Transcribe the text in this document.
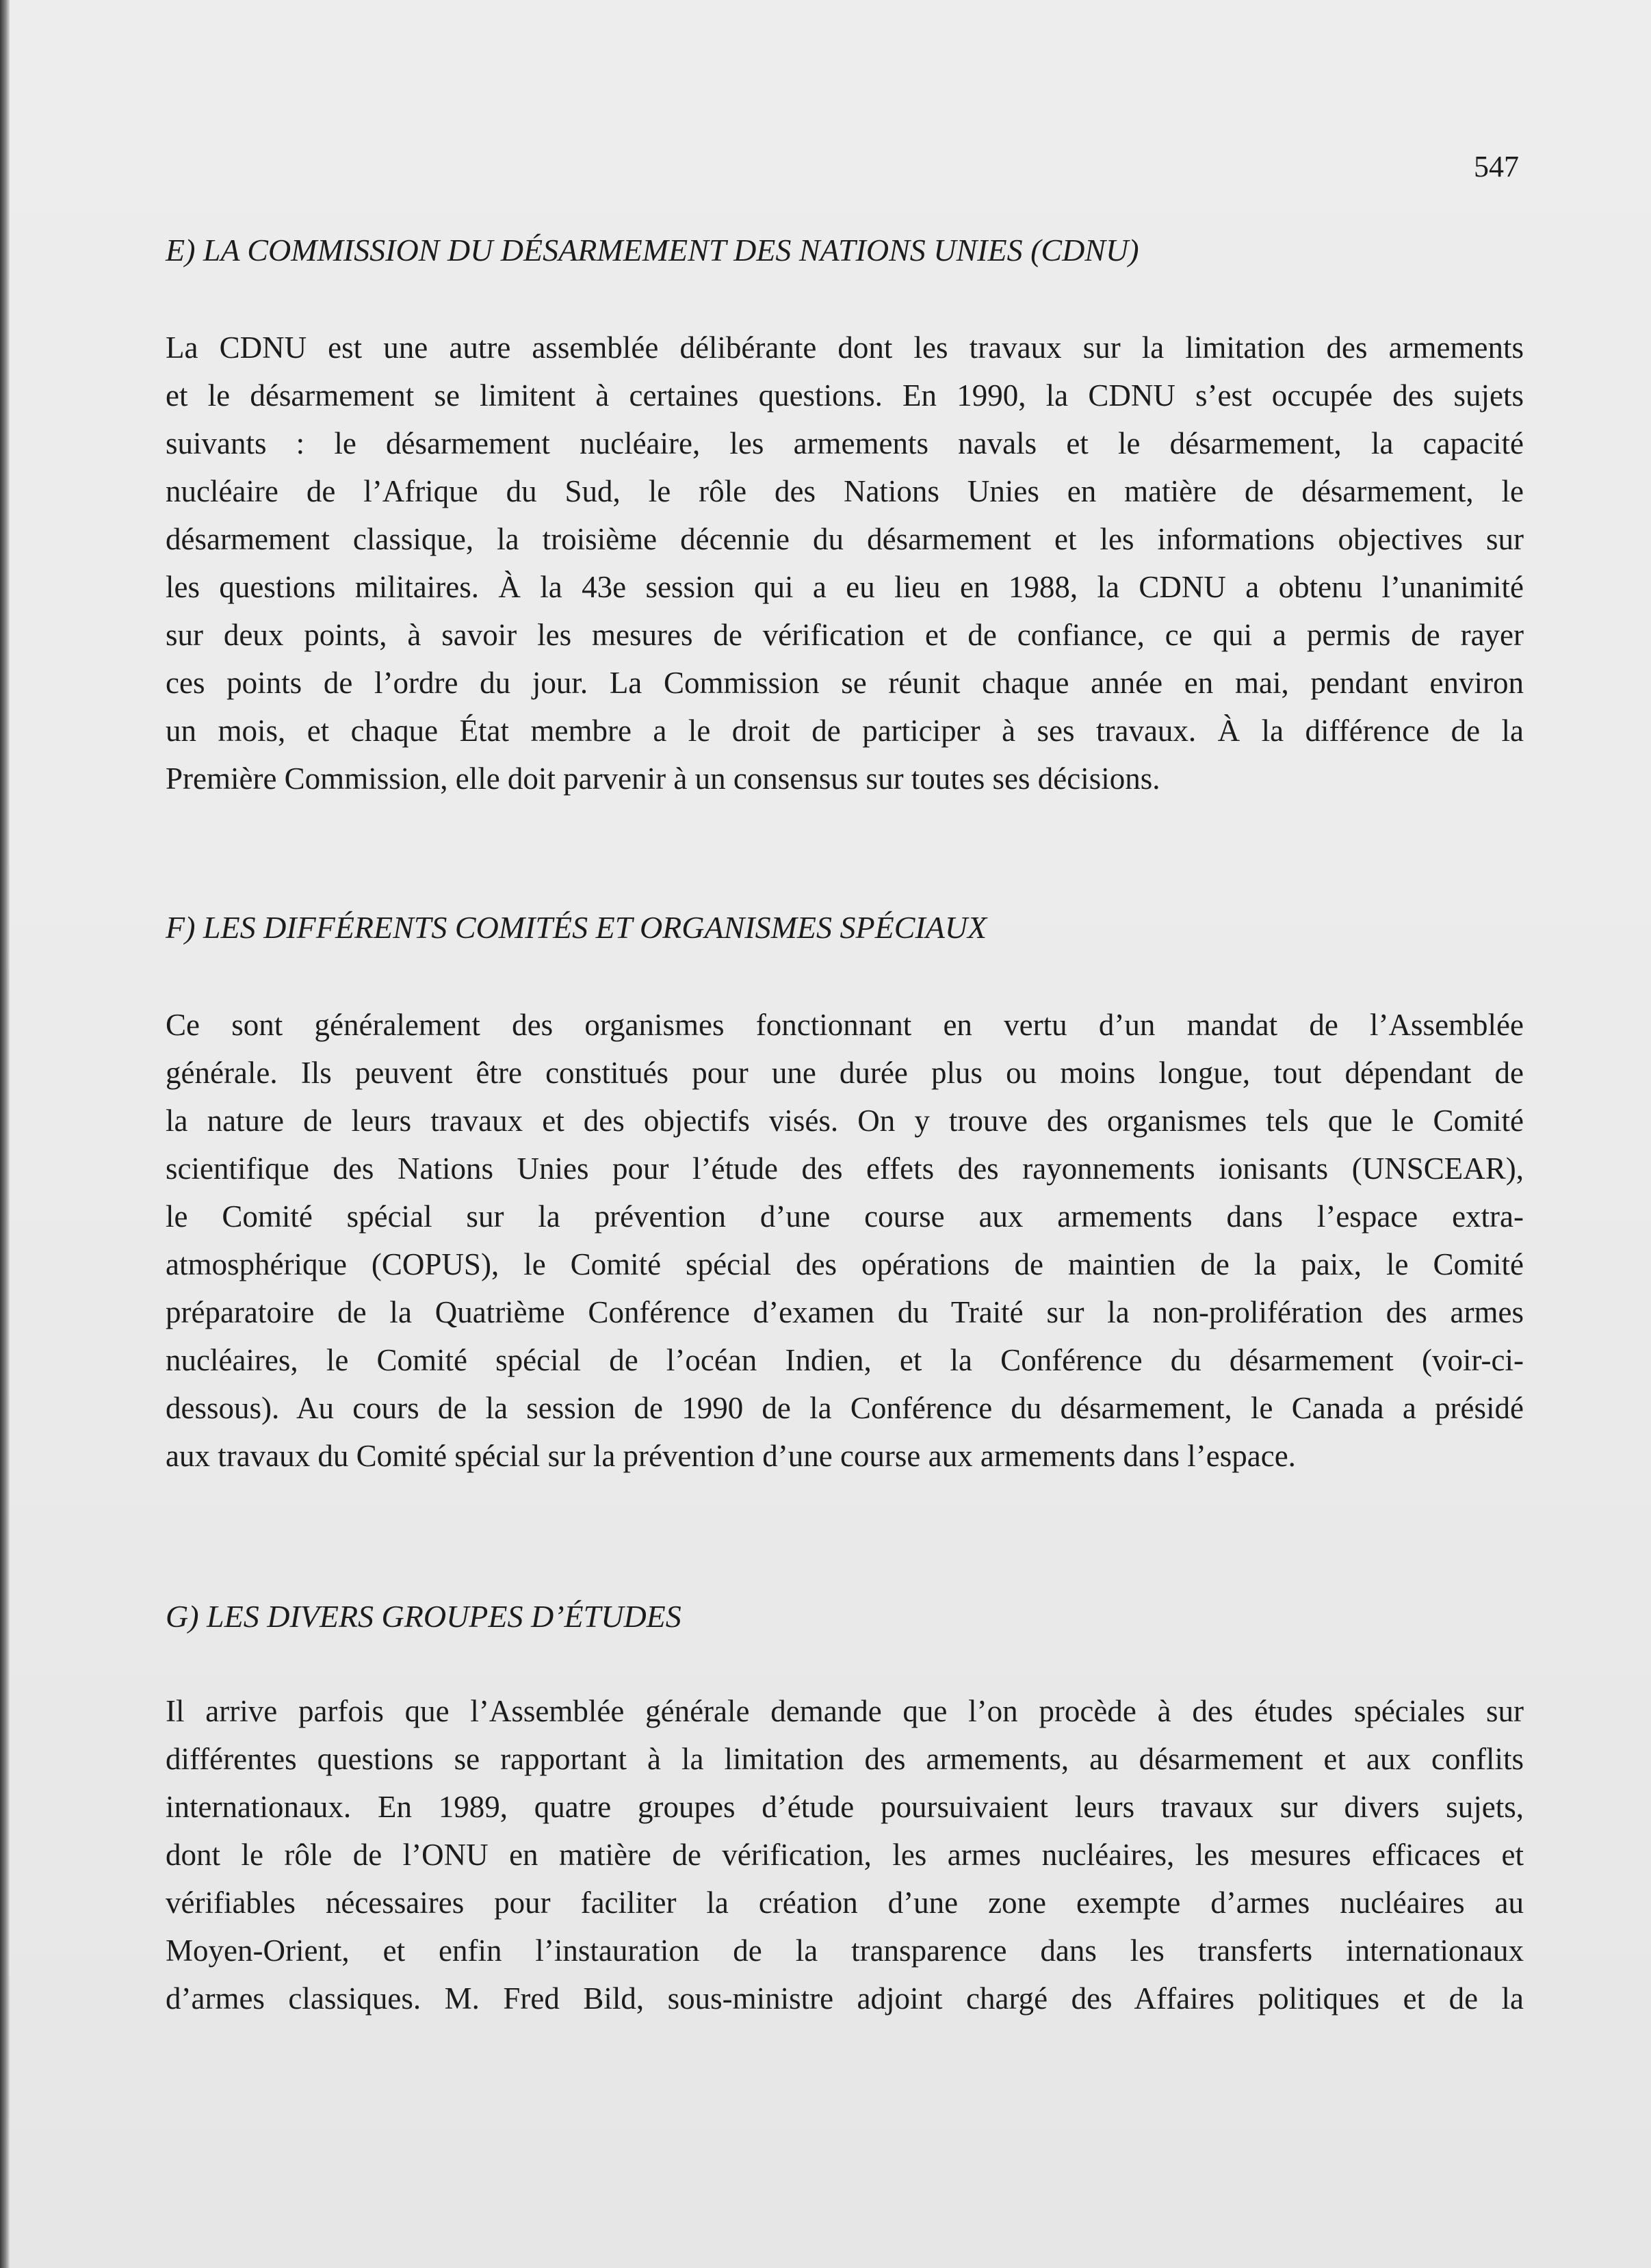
547
E) LA COMMISSION DU DÉSARMEMENT DES NATIONS UNIES (CDNU)
La CDNU est une autre assemblée délibérante dont les travaux sur la limitation des armements
et le désarmement se limitent à certaines questions. En 1990, la CDNU s’est occupée des sujets
suivants : le désarmement nucléaire, les armements navals et le désarmement, la capacité
nucléaire de l’Afrique du Sud, le rôle des Nations Unies en matière de désarmement, le
désarmement classique, la troisième décennie du désarmement et les informations objectives sur
les questions militaires. À la 43e session qui a eu lieu en 1988, la CDNU a obtenu l’unanimité
sur deux points, à savoir les mesures de vérification et de confiance, ce qui a permis de rayer
ces points de l’ordre du jour. La Commission se réunit chaque année en mai, pendant environ
un mois, et chaque État membre a le droit de participer à ses travaux. À la différence de la
Première Commission, elle doit parvenir à un consensus sur toutes ses décisions.
F) LES DIFFÉRENTS COMITÉS ET ORGANISMES SPÉCIAUX
Ce sont généralement des organismes fonctionnant en vertu d’un mandat de l’Assemblée
générale. Ils peuvent être constitués pour une durée plus ou moins longue, tout dépendant de
la nature de leurs travaux et des objectifs visés. On y trouve des organismes tels que le Comité
scientifique des Nations Unies pour l’étude des effets des rayonnements ionisants (UNSCEAR),
le Comité spécial sur la prévention d’une course aux armements dans l’espace extra-
atmosphérique (COPUS), le Comité spécial des opérations de maintien de la paix, le Comité
préparatoire de la Quatrième Conférence d’examen du Traité sur la non-prolifération des armes
nucléaires, le Comité spécial de l’océan Indien, et la Conférence du désarmement (voir-ci-
dessous). Au cours de la session de 1990 de la Conférence du désarmement, le Canada a présidé
aux travaux du Comité spécial sur la prévention d’une course aux armements dans l’espace.
G) LES DIVERS GROUPES D’ÉTUDES
Il arrive parfois que l’Assemblée générale demande que l’on procède à des études spéciales sur
différentes questions se rapportant à la limitation des armements, au désarmement et aux conflits
internationaux. En 1989, quatre groupes d’étude poursuivaient leurs travaux sur divers sujets,
dont le rôle de l’ONU en matière de vérification, les armes nucléaires, les mesures efficaces et
vérifiables nécessaires pour faciliter la création d’une zone exempte d’armes nucléaires au
Moyen-Orient, et enfin l’instauration de la transparence dans les transferts internationaux
d’armes classiques. M. Fred Bild, sous-ministre adjoint chargé des Affaires politiques et de la
